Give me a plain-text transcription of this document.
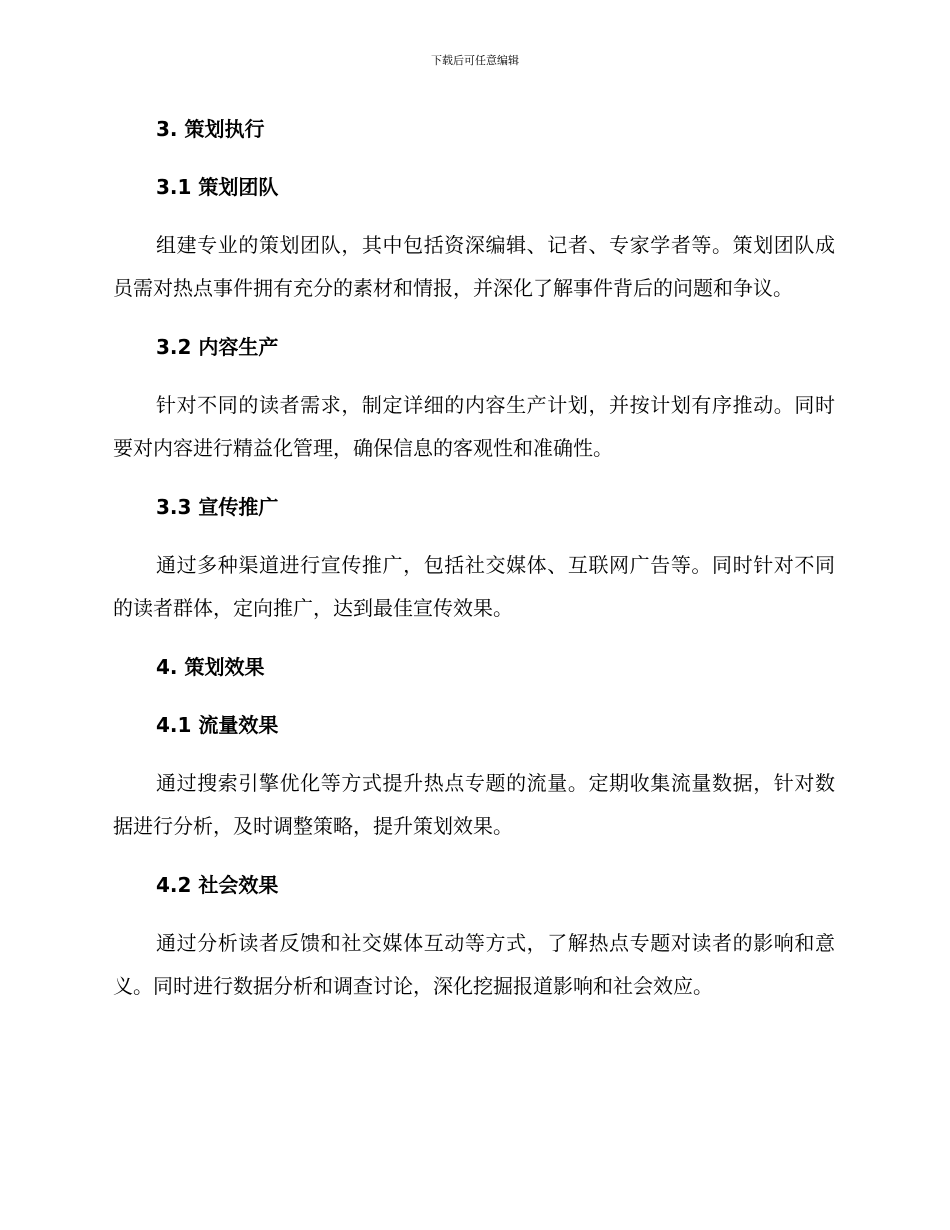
下载后可任意编辑
3. 策划执行
3.1 策划团队

组建专业的策划团队，其中包括资深编辑、记者、专家学者等。策划团队成员需对热点事件拥有充分的素材和情报，并深化了解事件背后的问题和争议。

3.2 内容生产

针对不同的读者需求，制定详细的内容生产计划，并按计划有序推动。同时要对内容进行精益化管理，确保信息的客观性和准确性。

3.3 宣传推广

通过多种渠道进行宣传推广，包括社交媒体、互联网广告等。同时针对不同的读者群体，定向推广，达到最佳宣传效果。

4. 策划效果
4.1 流量效果

通过搜索引擎优化等方式提升热点专题的流量。定期收集流量数据，针对数据进行分析，及时调整策略，提升策划效果。

4.2 社会效果

通过分析读者反馈和社交媒体互动等方式，了解热点专题对读者的影响和意义。同时进行数据分析和调查讨论，深化挖掘报道影响和社会效应。
